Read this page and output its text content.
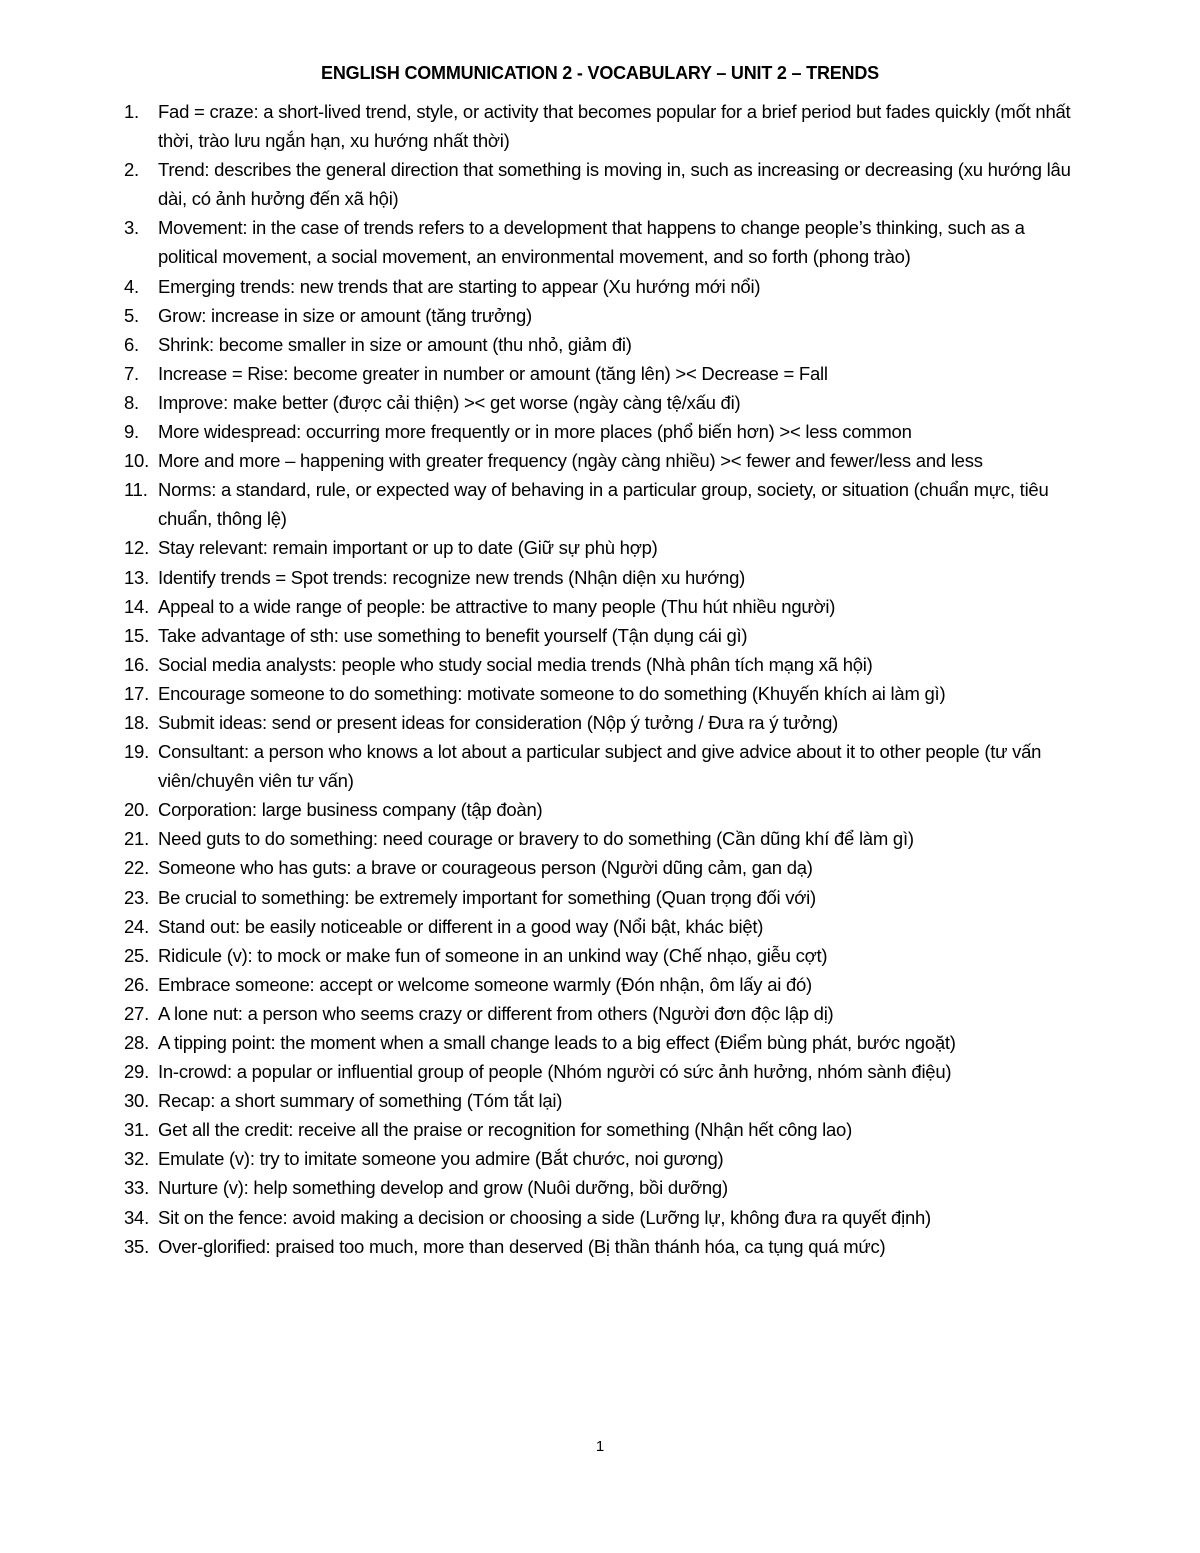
ENGLISH COMMUNICATION 2 - VOCABULARY – UNIT 2 – TRENDS
1. Fad = craze: a short-lived trend, style, or activity that becomes popular for a brief period but fades quickly (mốt nhất thời, trào lưu ngắn hạn, xu hướng nhất thời)
2. Trend: describes the general direction that something is moving in, such as increasing or decreasing (xu hướng lâu dài, có ảnh hưởng đến xã hội)
3. Movement: in the case of trends refers to a development that happens to change people’s thinking, such as a political movement, a social movement, an environmental movement, and so forth (phong trào)
4. Emerging trends: new trends that are starting to appear (Xu hướng mới nổi)
5. Grow: increase in size or amount (tăng trưởng)
6. Shrink: become smaller in size or amount (thu nhỏ, giảm đi)
7. Increase = Rise: become greater in number or amount (tăng lên) >< Decrease = Fall
8. Improve: make better (được cải thiện) >< get worse (ngày càng tệ/xấu đi)
9. More widespread: occurring more frequently or in more places (phổ biến hơn) >< less common
10. More and more – happening with greater frequency (ngày càng nhiều) >< fewer and fewer/less and less
11. Norms: a standard, rule, or expected way of behaving in a particular group, society, or situation (chuẩn mực, tiêu chuẩn, thông lệ)
12. Stay relevant: remain important or up to date (Giữ sự phù hợp)
13. Identify trends = Spot trends: recognize new trends (Nhận diện xu hướng)
14. Appeal to a wide range of people: be attractive to many people (Thu hút nhiều người)
15. Take advantage of sth: use something to benefit yourself (Tận dụng cái gì)
16. Social media analysts: people who study social media trends (Nhà phân tích mạng xã hội)
17. Encourage someone to do something: motivate someone to do something (Khuyến khích ai làm gì)
18. Submit ideas: send or present ideas for consideration (Nộp ý tưởng / Đưa ra ý tưởng)
19. Consultant: a person who knows a lot about a particular subject and give advice about it to other people (tư vấn viên/chuyên viên tư vấn)
20. Corporation: large business company (tập đoàn)
21. Need guts to do something: need courage or bravery to do something (Cần dũng khí để làm gì)
22. Someone who has guts: a brave or courageous person (Người dũng cảm, gan dạ)
23. Be crucial to something: be extremely important for something (Quan trọng đối với)
24. Stand out: be easily noticeable or different in a good way (Nổi bật, khác biệt)
25. Ridicule (v): to mock or make fun of someone in an unkind way (Chế nhạo, giễu cợt)
26. Embrace someone: accept or welcome someone warmly (Đón nhận, ôm lấy ai đó)
27. A lone nut: a person who seems crazy or different from others (Người đơn độc lập dị)
28. A tipping point: the moment when a small change leads to a big effect (Điểm bùng phát, bước ngoặt)
29. In-crowd: a popular or influential group of people (Nhóm người có sức ảnh hưởng, nhóm sành điệu)
30. Recap: a short summary of something (Tóm tắt lại)
31. Get all the credit: receive all the praise or recognition for something (Nhận hết công lao)
32. Emulate (v): try to imitate someone you admire (Bắt chước, noi gương)
33. Nurture (v): help something develop and grow (Nuôi dưỡng, bồi dưỡng)
34. Sit on the fence: avoid making a decision or choosing a side (Lưỡng lự, không đưa ra quyết định)
35. Over-glorified: praised too much, more than deserved (Bị thần thánh hóa, ca tụng quá mức)
1
